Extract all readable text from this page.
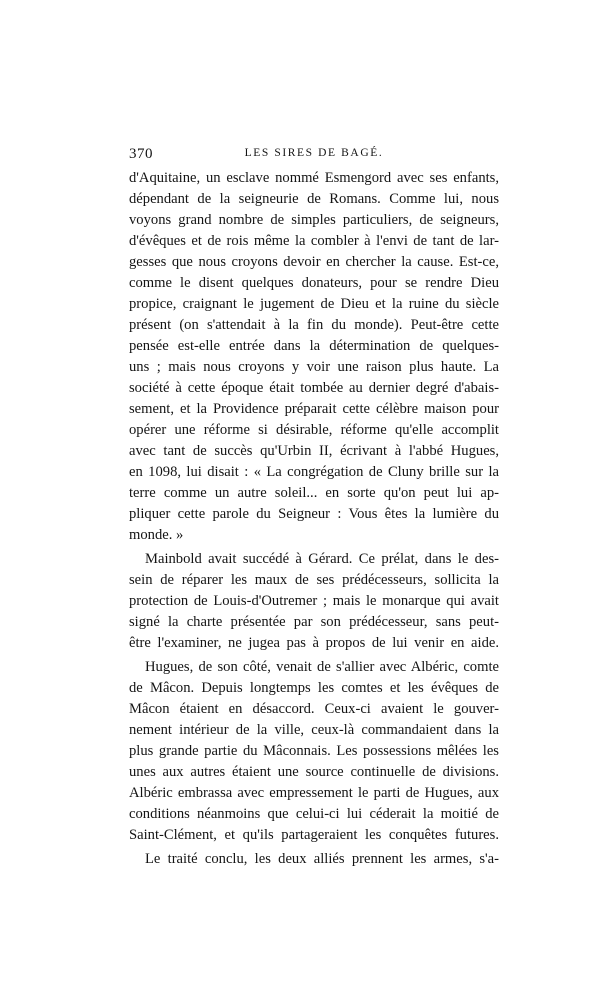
370	LES SIRES DE BAGÉ.
d'Aquitaine, un esclave nommé Esmengord avec ses enfants,
dépendant de la seigneurie de Romans. Comme lui, nous
voyons grand nombre de simples particuliers, de seigneurs,
d'évêques et de rois même la combler à l'envi de tant de lar-
gesses que nous croyons devoir en chercher la cause. Est-ce,
comme le disent quelques donateurs, pour se rendre Dieu
propice, craignant le jugement de Dieu et la ruine du siècle
présent (on s'attendait à la fin du monde). Peut-être cette
pensée est-elle entrée dans la détermination de quelques-
uns ; mais nous croyons y voir une raison plus haute. La
société à cette époque était tombée au dernier degré d'abais-
sement, et la Providence préparait cette célèbre maison pour
opérer une réforme si désirable, réforme qu'elle accomplit
avec tant de succès qu'Urbin II, écrivant à l'abbé Hugues,
en 1098, lui disait : « La congrégation de Cluny brille sur la
terre comme un autre soleil... en sorte qu'on peut lui ap-
pliquer cette parole du Seigneur : Vous êtes la lumière du
monde. »
Mainbold avait succédé à Gérard. Ce prélat, dans le des-
sein de réparer les maux de ses prédécesseurs, sollicita la
protection de Louis-d'Outremer ; mais le monarque qui avait
signé la charte présentée par son prédécesseur, sans peut-
être l'examiner, ne jugea pas à propos de lui venir en aide.
Hugues, de son côté, venait de s'allier avec Albéric, comte
de Mâcon. Depuis longtemps les comtes et les évêques de
Mâcon étaient en désaccord. Ceux-ci avaient le gouver-
nement intérieur de la ville, ceux-là commandaient dans la
plus grande partie du Mâconnais. Les possessions mêlées les
unes aux autres étaient une source continuelle de divisions.
Albéric embrassa avec empressement le parti de Hugues, aux
conditions néanmoins que celui-ci lui céderait la moitié de
Saint-Clément, et qu'ils partageraient les conquêtes futures.
Le traité conclu, les deux alliés prennent les armes, s'a-
